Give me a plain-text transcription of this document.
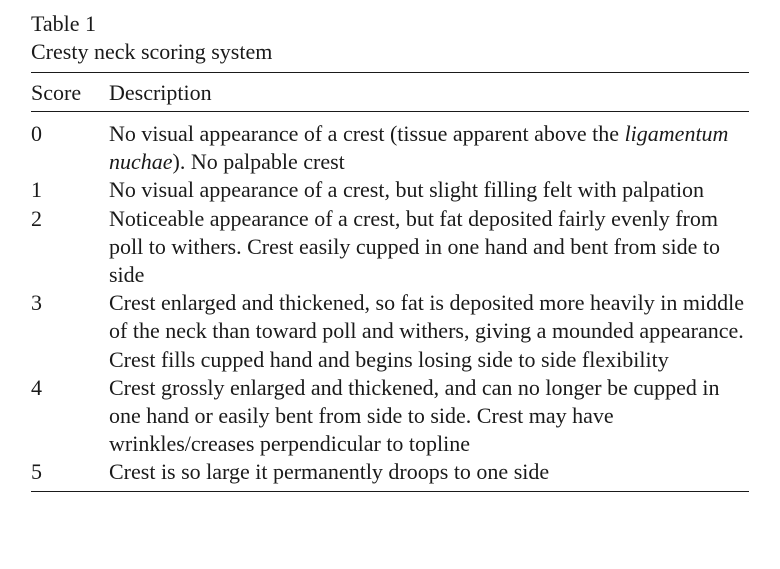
Table 1

Cresty neck scoring system

Score	Description
0	No visual appearance of a crest (tissue apparent above the ligamentum nuchae). No palpable crest
1	No visual appearance of a crest, but slight filling felt with palpation
2	Noticeable appearance of a crest, but fat deposited fairly evenly from poll to withers. Crest easily cupped in one hand and bent from side to side
3	Crest enlarged and thickened, so fat is deposited more heavily in middle of the neck than toward poll and withers, giving a mounded appearance. Crest fills cupped hand and begins losing side to side flexibility
4	Crest grossly enlarged and thickened, and can no longer be cupped in one hand or easily bent from side to side. Crest may have wrinkles/creases perpendicular to topline
5	Crest is so large it permanently droops to one side
